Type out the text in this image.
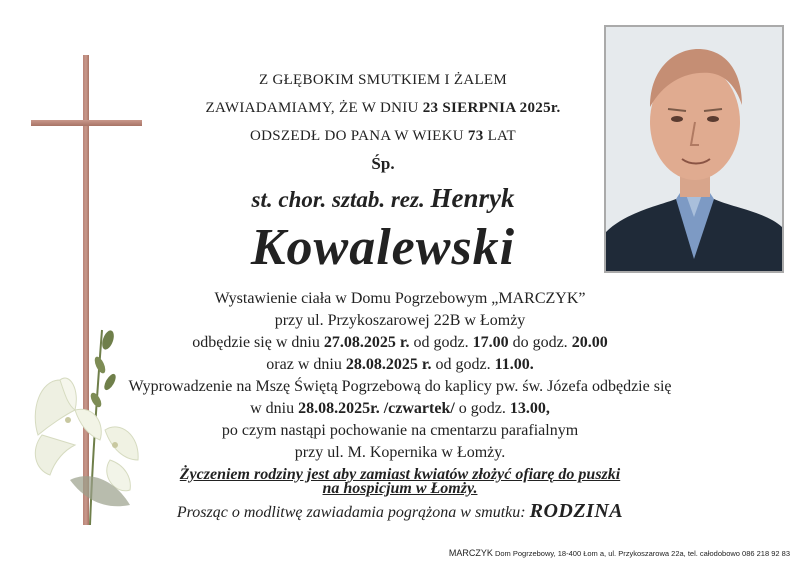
Z GŁĘBOKIM SMUTKIEM I ŻALEM
ZAWIADAMIAMY, ŻE W DNIU 23 SIERPNIA 2025r.
ODSZEDŁ DO PANA W WIEKU 73 LAT
Śp.
st. chor. sztab. rez. Henryk
Kowalewski
Wystawienie ciała w Domu Pogrzebowym „MARCZYK”
przy ul. Przykoszarowej 22B w Łomży
odbędzie się w dniu 27.08.2025 r. od godz. 17.00 do godz. 20.00
oraz w dniu 28.08.2025 r. od godz. 11.00.
Wyprowadzenie na Mszę Świętą Pogrzebową do kaplicy pw. św. Józefa odbędzie się
w dniu 28.08.2025r. /czwartek/ o godz. 13.00,
po czym nastąpi pochowanie na cmentarzu parafialnym
przy ul. M. Kopernika w Łomży.
Życzeniem rodziny jest aby zamiast kwiatów złożyć ofiarę do puszki
na hospicjum w Łomży.
Prosząc o modlitwę zawiadamia pogrążona w smutku: RODZINA
MARCZYK Dom Pogrzebowy, 18-400 Łom a, ul. Przykoszarowa 22a, tel. całodobowo 086 218 92 83
